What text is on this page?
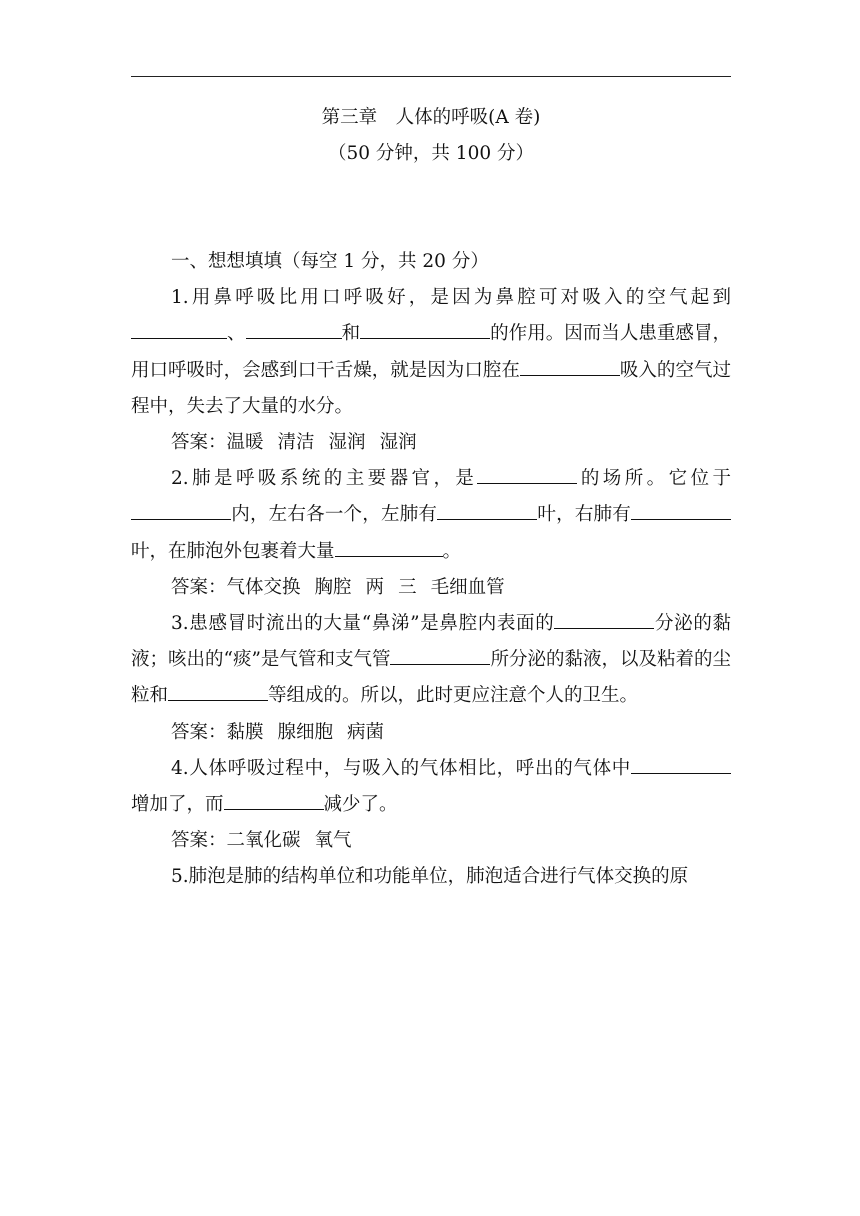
第三章　人体的呼吸(A 卷)

（50 分钟，共 100 分）

一、想想填填（每空 1 分，共 20 分）

1.用鼻呼吸比用口呼吸好，是因为鼻腔可对吸入的空气起到、	和	的作用。因而当人患重感冒，用口呼吸时，会感到口干舌燥，就是因为口腔在	吸入的空气过程中，失去了大量的水分。

答案：温暖 清洁 湿润 湿润

2.肺是呼吸系统的主要器官，是	的场所。它位于内，左右各一个，左肺有	叶，右肺有叶，在肺泡外包裹着大量	。

答案：气体交换 胸腔 两 三 毛细血管

3.患感冒时流出的大量“鼻涕”是鼻腔内表面的	分泌的黏液；咳出的“痰”是气管和支气管	所分泌的黏液，以及粘着的尘粒和	等组成的。所以，此时更应注意个人的卫生。

答案：黏膜 腺细胞 病菌

4.人体呼吸过程中，与吸入的气体相比，呼出的气体中增加了，而	减少了。

答案：二氧化碳 氧气

5.肺泡是肺的结构单位和功能单位，肺泡适合进行气体交换的原
